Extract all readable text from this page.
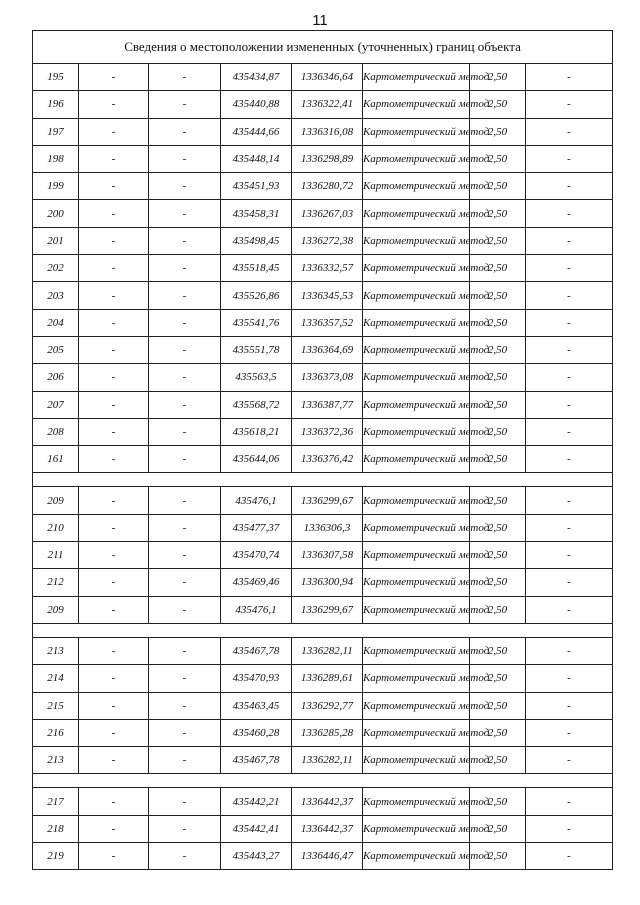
11
Сведения о местоположении измененных (уточненных) границ объекта							
195	-	-	435434,87	1336346,64	Картометрический метод	2,50	-
196	-	-	435440,88	1336322,41	Картометрический метод	2,50	-
197	-	-	435444,66	1336316,08	Картометрический метод	2,50	-
198	-	-	435448,14	1336298,89	Картометрический метод	2,50	-
199	-	-	435451,93	1336280,72	Картометрический метод	2,50	-
200	-	-	435458,31	1336267,03	Картометрический метод	2,50	-
201	-	-	435498,45	1336272,38	Картометрический метод	2,50	-
202	-	-	435518,45	1336332,57	Картометрический метод	2,50	-
203	-	-	435526,86	1336345,53	Картометрический метод	2,50	-
204	-	-	435541,76	1336357,52	Картометрический метод	2,50	-
205	-	-	435551,78	1336364,69	Картометрический метод	2,50	-
206	-	-	435563,5	1336373,08	Картометрический метод	2,50	-
207	-	-	435568,72	1336387,77	Картометрический метод	2,50	-
208	-	-	435618,21	1336372,36	Картометрический метод	2,50	-
161	-	-	435644,06	1336376,42	Картометрический метод	2,50	-

209	-	-	435476,1	1336299,67	Картометрический метод	2,50	-
210	-	-	435477,37	1336306,3	Картометрический метод	2,50	-
211	-	-	435470,74	1336307,58	Картометрический метод	2,50	-
212	-	-	435469,46	1336300,94	Картометрический метод	2,50	-
209	-	-	435476,1	1336299,67	Картометрический метод	2,50	-

213	-	-	435467,78	1336282,11	Картометрический метод	2,50	-
214	-	-	435470,93	1336289,61	Картометрический метод	2,50	-
215	-	-	435463,45	1336292,77	Картометрический метод	2,50	-
216	-	-	435460,28	1336285,28	Картометрический метод	2,50	-
213	-	-	435467,78	1336282,11	Картометрический метод	2,50	-

217	-	-	435442,21	1336442,37	Картометрический метод	2,50	-
218	-	-	435442,41	1336442,37	Картометрический метод	2,50	-
219	-	-	435443,27	1336446,47	Картометрический метод	2,50	-
